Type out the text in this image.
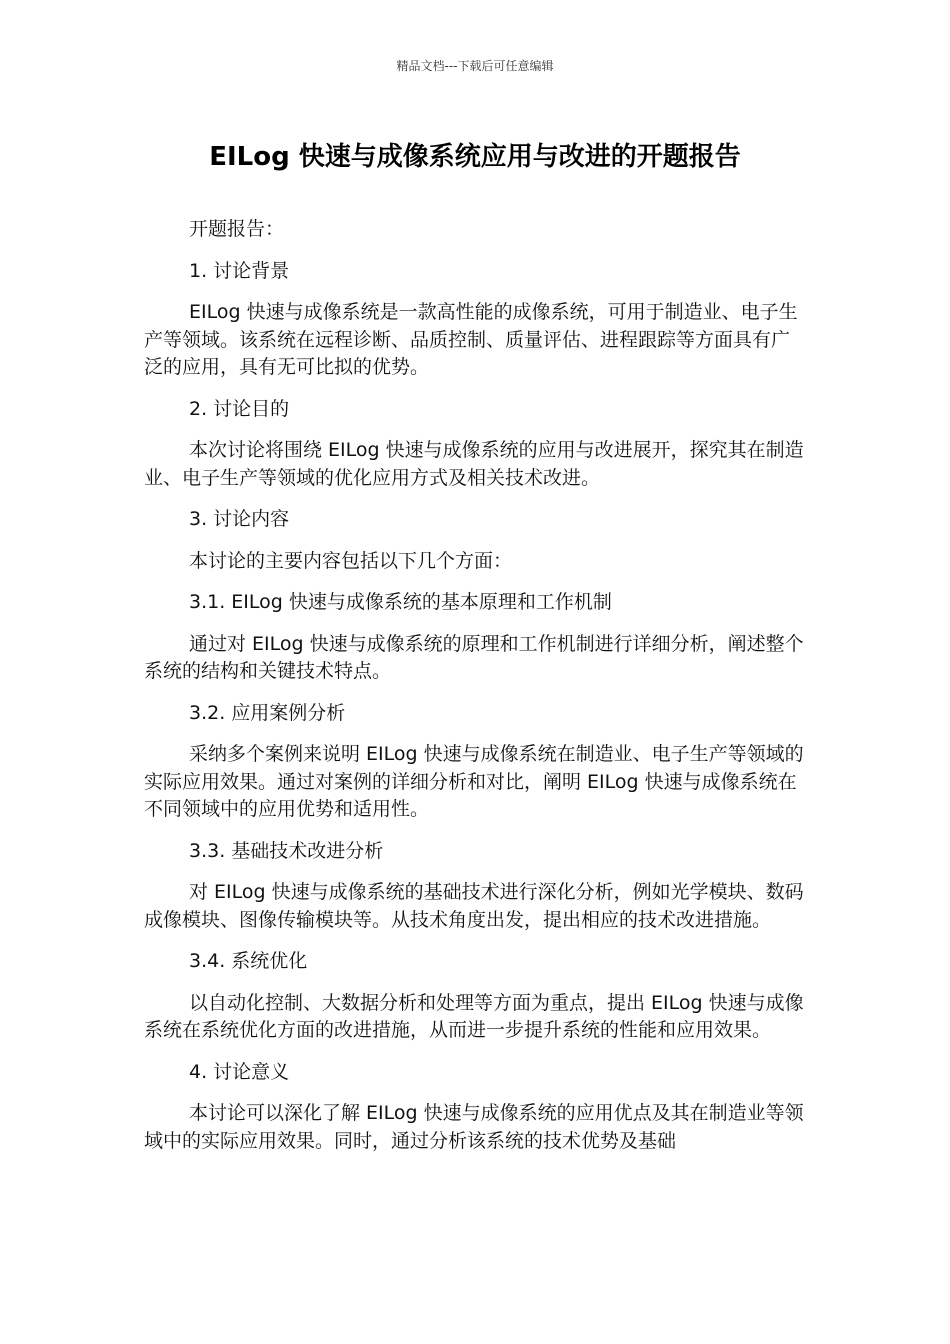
精品文档---下载后可任意编辑
EILog 快速与成像系统应用与改进的开题报告

开题报告：

1. 讨论背景

EILog 快速与成像系统是一款高性能的成像系统，可用于制造业、电子生产等领域。该系统在远程诊断、品质控制、质量评估、进程跟踪等方面具有广泛的应用，具有无可比拟的优势。

2. 讨论目的

本次讨论将围绕 EILog 快速与成像系统的应用与改进展开，探究其在制造业、电子生产等领域的优化应用方式及相关技术改进。

3. 讨论内容

本讨论的主要内容包括以下几个方面：

3.1. EILog 快速与成像系统的基本原理和工作机制

通过对 EILog 快速与成像系统的原理和工作机制进行详细分析，阐述整个系统的结构和关键技术特点。

3.2. 应用案例分析

采纳多个案例来说明 EILog 快速与成像系统在制造业、电子生产等领域的实际应用效果。通过对案例的详细分析和对比，阐明 EILog 快速与成像系统在不同领域中的应用优势和适用性。

3.3. 基础技术改进分析

对 EILog 快速与成像系统的基础技术进行深化分析，例如光学模块、数码成像模块、图像传输模块等。从技术角度出发，提出相应的技术改进措施。

3.4. 系统优化

以自动化控制、大数据分析和处理等方面为重点，提出 EILog 快速与成像系统在系统优化方面的改进措施，从而进一步提升系统的性能和应用效果。

4. 讨论意义

本讨论可以深化了解 EILog 快速与成像系统的应用优点及其在制造业等领域中的实际应用效果。同时，通过分析该系统的技术优势及基础
